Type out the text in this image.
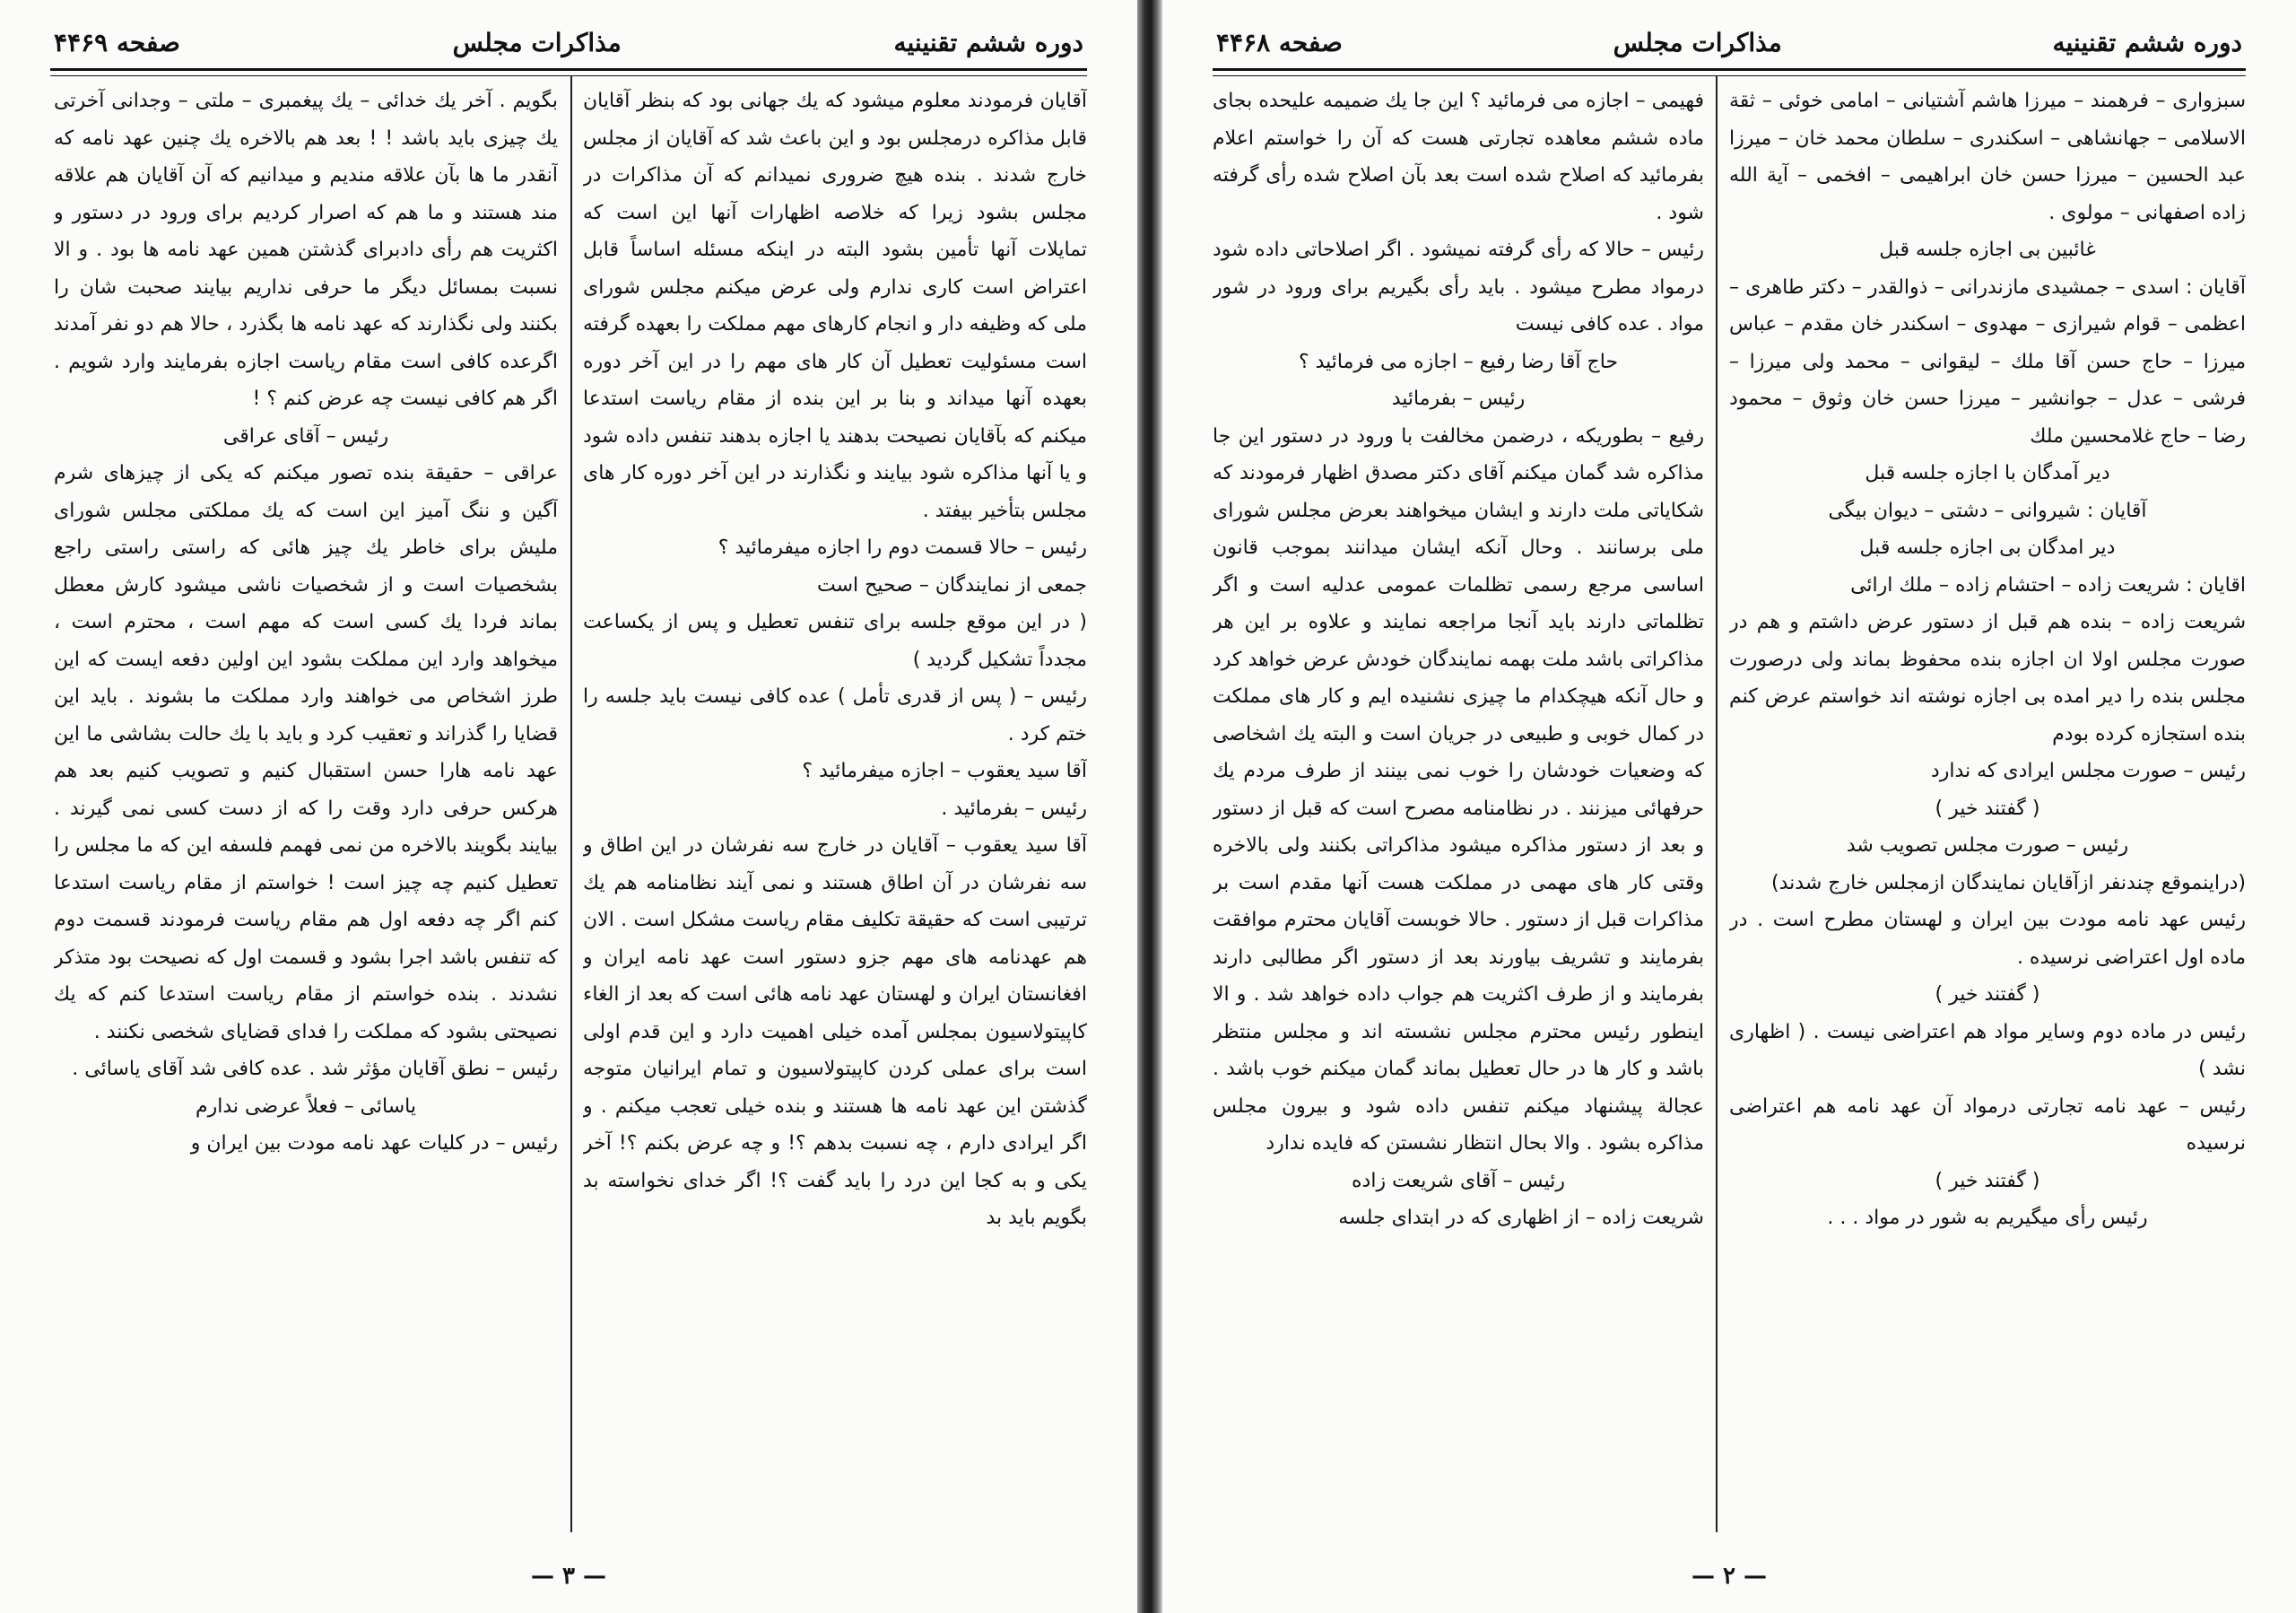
دوره ششم تقنینیه
مذاکرات مجلس
صفحه ۴۴۶۹

آقایان فرمودند معلوم میشود که یك جهانی بود که بنظر آقایان قابل مذاکره درمجلس بود و این باعث شد که آقایان از مجلس خارج شدند . بنده هیچ ضروری نمیدانم که آن مذاکرات در مجلس بشود زیرا که خلاصه اظهارات آنها این است که تمایلات آنها تأمین بشود البته در اینکه مسئله اساساً قابل اعتراض است کاری ندارم ولی عرض میکنم مجلس شورای ملی که وظیفه دار و انجام کارهای مهم مملکت را بعهده گرفته است مسئولیت تعطیل آن کار های مهم را در این آخر دوره بعهده آنها میداند و بنا بر این بنده از مقام ریاست استدعا میکنم که بآقایان نصیحت بدهند یا اجازه بدهند تنفس داده شود و یا آنها مذاکره شود بیایند و نگذارند در این آخر دوره کار های مجلس بتأخیر بیفتد .

رئیس – حالا قسمت دوم را اجازه میفرمائید ؟

جمعی از نمایندگان – صحیح است

( در این موقع جلسه برای تنفس تعطیل و پس از یکساعت مجدداً تشکیل گردید )

رئیس – ( پس از قدری تأمل ) عده کافی نیست باید جلسه را ختم کرد .

آقا سید یعقوب – اجازه میفرمائید ؟

رئیس – بفرمائید .

آقا سید یعقوب – آقایان در خارج سه نفرشان در این اطاق و سه نفرشان در آن اطاق هستند و نمی آیند نظامنامه هم یك ترتیبی است که حقیقة تکلیف مقام ریاست مشکل است . الان هم عهدنامه های مهم جزو دستور است عهد نامه ایران و افغانستان ایران و لهستان عهد نامه هائی است که بعد از الغاء کاپیتولاسیون بمجلس آمده خیلی اهمیت دارد و این قدم اولی است برای عملی کردن کاپیتولاسیون و تمام ایرانیان متوجه گذشتن این عهد نامه ها هستند و بنده خیلی تعجب میکنم . و اگر ایرادی دارم ، چه نسبت بدهم ؟! و چه عرض بکنم ؟! آخر یکی و به کجا این درد را باید گفت ؟! اگر خدای نخواسته بد بگویم باید بد

بگویم . آخر یك خدائی – یك پیغمبری – ملتی – وجدانی آخرتی یك چیزی باید باشد ! ! بعد هم بالاخره یك چنین عهد نامه که آنقدر ما ها بآن علاقه مندیم و میدانیم که آن آقایان هم علاقه مند هستند و ما هم که اصرار کردیم برای ورود در دستور و اکثریت هم رأی دادبرای گذشتن همین عهد نامه ها بود . و الا نسبت بمسائل دیگر ما حرفی نداریم بیایند صحبت شان را بکنند ولی نگذارند که عهد نامه ها بگذرد ، حالا هم دو نفر آمدند اگرعده کافی است مقام ریاست اجازه بفرمایند وارد شویم . اگر هم کافی نیست چه عرض کنم ؟ !

رئیس – آقای عراقی

عراقی – حقیقة بنده تصور میکنم که یکی از چیزهای شرم آگین و ننگ آمیز این است که یك مملکتی مجلس شورای ملیش برای خاطر یك چیز هائی که راستی راستی راجع بشخصیات است و از شخصیات ناشی میشود کارش معطل بماند فردا یك کسی است که مهم است ، محترم است ، میخواهد وارد این مملکت بشود این اولین دفعه ایست که این طرز اشخاص می خواهند وارد مملکت ما بشوند . باید این قضایا را گذراند و تعقیب کرد و باید با یك حالت بشاشی ما این عهد نامه هارا حسن استقبال کنیم و تصویب کنیم بعد هم هرکس حرفی دارد وقت را که از دست کسی نمی گیرند . بیایند بگویند بالاخره من نمی فهمم فلسفه این که ما مجلس را تعطیل کنیم چه چیز است ! خواستم از مقام ریاست استدعا کنم اگر چه دفعه اول هم مقام ریاست فرمودند قسمت دوم که تنفس باشد اجرا بشود و قسمت اول که نصیحت بود متذکر نشدند . بنده خواستم از مقام ریاست استدعا کنم که یك نصیحتی بشود که مملکت را فدای قضایای شخصی نکنند .

رئیس – نطق آقایان مؤثر شد . عده کافی شد آقای یاسائی .

یاسائی – فعلاً عرضی ندارم

رئیس – در کلیات عهد نامه مودت بین ایران و

— ٣ —
دوره ششم تقنینیه
مذاکرات مجلس
صفحه ۴۴۶۸

سبزواری – فرهمند – میرزا هاشم آشتیانی – امامی خوئی – ثقة الاسلامی – جهانشاهی – اسکندری – سلطان محمد خان – میرزا عبد الحسین – میرزا حسن خان ابراهیمی – افخمی – آیة الله زاده اصفهانی – مولوی .

غائبین بی اجازه جلسه قبل

آقایان : اسدی – جمشیدی مازندرانی – ذوالقدر – دکتر طاهری – اعظمی – قوام شیرازی – مهدوی – اسکندر خان مقدم – عباس میرزا – حاج حسن آقا ملك – لیقوانی – محمد ولی میرزا – فرشی – عدل – جوانشیر – میرزا حسن خان وثوق – محمود رضا – حاج غلامحسین ملك

دیر آمدگان با اجازه جلسه قبل

آقایان : شیروانی – دشتی – دیوان بیگی

دیر امدگان بی اجازه جلسه قبل

اقایان : شریعت زاده – احتشام زاده – ملك ارائی

شریعت زاده – بنده هم قبل از دستور عرض داشتم و هم در صورت مجلس اولا ان اجازه بنده محفوظ بماند ولی درصورت مجلس بنده را دیر امده بی اجازه نوشته اند خواستم عرض کنم بنده استجازه کرده بودم

رئیس – صورت مجلس ایرادی که ندارد

( گفتند خیر )

رئیس – صورت مجلس تصویب شد

(دراینموقع چندنفر ازآقایان نمایندگان ازمجلس خارج شدند)

رئیس عهد نامه مودت بین ایران و لهستان مطرح است . در ماده اول اعتراضی نرسیده .

( گفتند خیر )

رئیس در ماده دوم وسایر مواد هم اعتراضی نیست . ( اظهاری نشد )

رئیس – عهد نامه تجارتی درمواد آن عهد نامه هم اعتراضی نرسیده

( گفتند خیر )

رئیس رأی میگیریم به شور در مواد . . .

فهیمی – اجازه می فرمائید ؟ این جا یك ضمیمه علیحده بجای ماده ششم معاهده تجارتی هست که آن را خواستم اعلام بفرمائید که اصلاح شده است بعد بآن اصلاح شده رأی گرفته شود .

رئیس – حالا که رأی گرفته نمیشود . اگر اصلاحاتی داده شود درمواد مطرح میشود . باید رأی بگیریم برای ورود در شور مواد . عده کافی نیست

حاج آقا رضا رفیع – اجازه می فرمائید ؟

رئیس – بفرمائید

رفیع – بطوریکه ، درضمن مخالفت با ورود در دستور این جا مذاکره شد گمان میکنم آقای دکتر مصدق اظهار فرمودند که شکایاتی ملت دارند و ایشان میخواهند بعرض مجلس شورای ملی برسانند . وحال آنکه ایشان میدانند بموجب قانون اساسی مرجع رسمی تظلمات عمومی عدلیه است و اگر تظلماتی دارند باید آنجا مراجعه نمایند و علاوه بر این هر مذاکراتی باشد ملت بهمه نمایندگان خودش عرض خواهد کرد و حال آنکه هیچکدام ما چیزی نشنیده ایم و کار های مملکت در کمال خوبی و طبیعی در جریان است و البته یك اشخاصی که وضعیات خودشان را خوب نمی بینند از طرف مردم یك حرفهائی میزنند . در نظامنامه مصرح است که قبل از دستور و بعد از دستور مذاکره میشود مذاکراتی بکنند ولی بالاخره وقتی کار های مهمی در مملکت هست آنها مقدم است بر مذاکرات قبل از دستور . حالا خوبست آقایان محترم موافقت بفرمایند و تشریف بیاورند بعد از دستور اگر مطالبی دارند بفرمایند و از طرف اکثریت هم جواب داده خواهد شد . و الا اینطور رئیس محترم مجلس نشسته اند و مجلس منتظر باشد و کار ها در حال تعطیل بماند گمان میکنم خوب باشد . عجالة پیشنهاد میکنم تنفس داده شود و بیرون مجلس مذاکره بشود . والا بحال انتظار نشستن که فایده ندارد

رئیس – آقای شریعت زاده

شریعت زاده – از اظهاری که در ابتدای جلسه

— ٢ —
